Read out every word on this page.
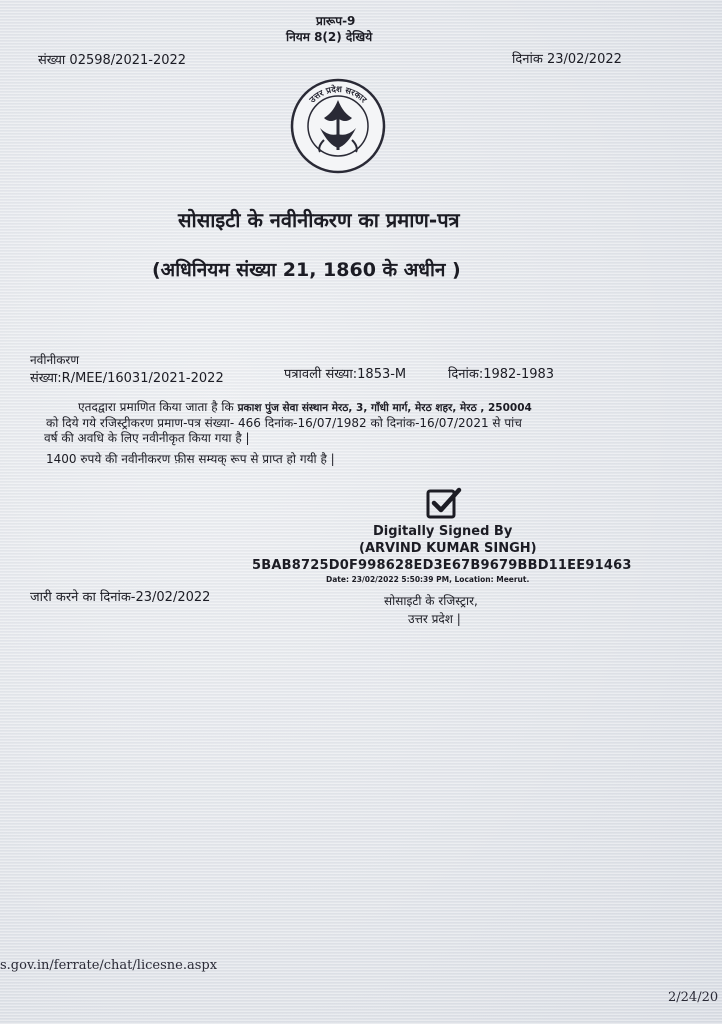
प्रारूप-9
नियम 8(2) देखिये
संख्या 02598/2021-2022	दिनांक 23/02/2022
उत्तर प्रदेश सरकार
सोसाइटी के नवीनीकरण का प्रमाण-पत्र
(अधिनियम संख्या 21, 1860 के अधीन )
नवीनीकरण
संख्या:R/MEE/16031/2021-2022	पत्रावली संख्या:1853-M	दिनांक:1982-1983
एतदद्वारा प्रमाणित किया जाता है कि प्रकाश पुंज सेवा संस्थान मेरठ, 3, गाँधी मार्ग, मेरठ शहर, मेरठ , 250004
को दिये गये रजिस्ट्रीकरण प्रमाण-पत्र संख्या- 466 दिनांक-16/07/1982 को दिनांक-16/07/2021 से पांच
वर्ष की अवधि के लिए नवीनीकृत किया गया है |
1400 रुपये की नवीनीकरण फ़ीस सम्यक् रूप से प्राप्त हो गयी है |
Digitally Signed By
(ARVIND KUMAR SINGH)
5BAB8725D0F998628ED3E67B9679BBD11EE91463
Date: 23/02/2022 5:50:39 PM, Location: Meerut.
सोसाइटी के रजिस्ट्रार,
उत्तर प्रदेश |
जारी करने का दिनांक-23/02/2022
s.gov.in/ferrate/chat/licesne.aspx
2/24/20
